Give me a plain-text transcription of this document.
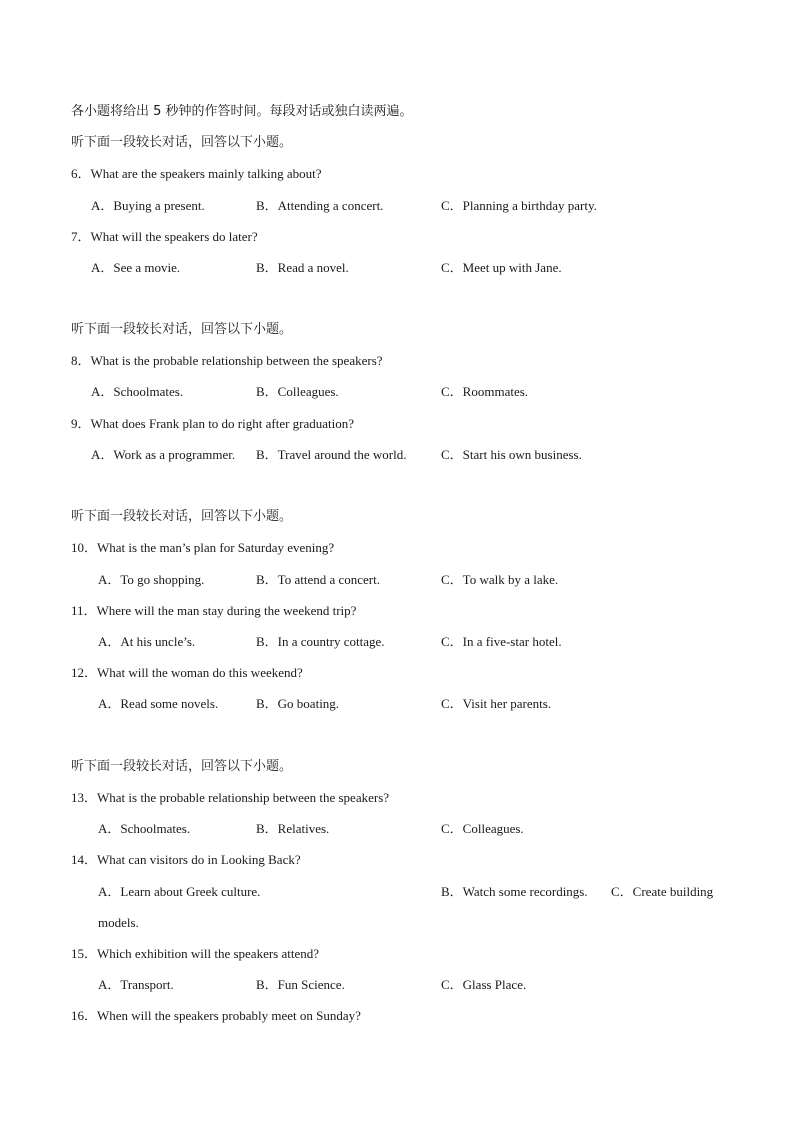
各小题将给出 5 秒钟的作答时间。每段对话或独白读两遍。
听下面一段较长对话，回答以下小题。
6．What are the speakers mainly talking about?
A．Buying a present.	B．Attending a concert.	C．Planning a birthday party.
7．What will the speakers do later?
A．See a movie.	B．Read a novel.	C．Meet up with Jane.
听下面一段较长对话，回答以下小题。
8．What is the probable relationship between the speakers?
A．Schoolmates.	B．Colleagues.	C．Roommates.
9．What does Frank plan to do right after graduation?
A．Work as a programmer. B．Travel around the world.	C．Start his own business.
听下面一段较长对话，回答以下小题。
10．What is the man’s plan for Saturday evening?
A．To go shopping.	B．To attend a concert.	C．To walk by a lake.
11．Where will the man stay during the weekend trip?
A．At his uncle’s.	B．In a country cottage.	C．In a five-star hotel.
12．What will the woman do this weekend?
A．Read some novels.	B．Go boating.	C．Visit her parents.
听下面一段较长对话，回答以下小题。
13．What is the probable relationship between the speakers?
A．Schoolmates.	B．Relatives.	C．Colleagues.
14．What can visitors do in Looking Back?
A．Learn about Greek culture.	B．Watch some recordings. C．Create building
models.
15．Which exhibition will the speakers attend?
A．Transport.	B．Fun Science.	C．Glass Place.
16．When will the speakers probably meet on Sunday?
